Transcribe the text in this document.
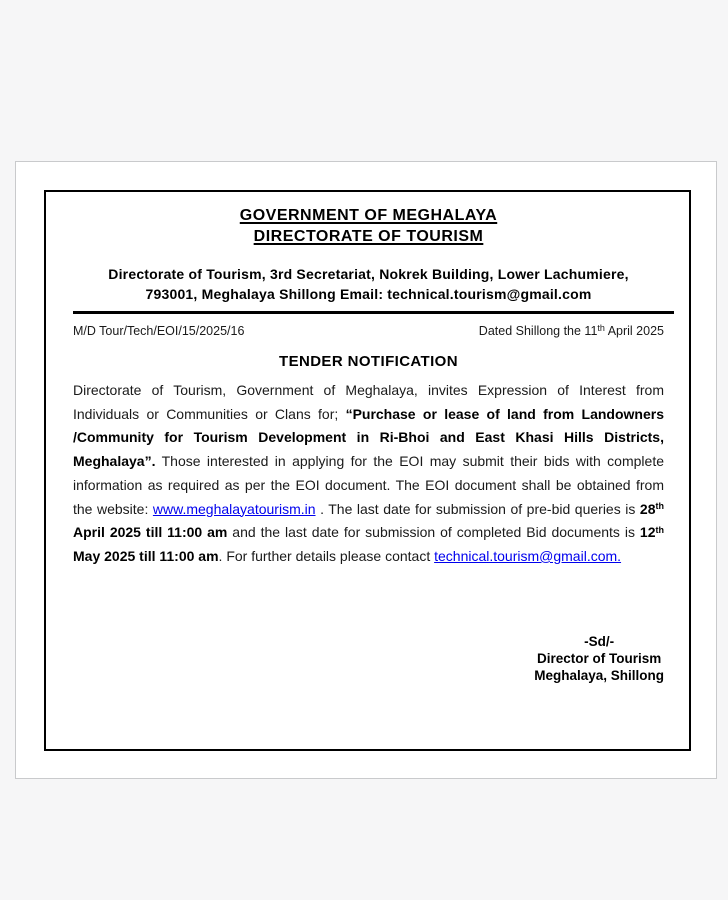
GOVERNMENT OF MEGHALAYA
DIRECTORATE OF TOURISM
Directorate of Tourism, 3rd Secretariat, Nokrek Building, Lower Lachumiere,
793001, Meghalaya Shillong Email: technical.tourism@gmail.com
M/D Tour/Tech/EOI/15/2025/16	Dated Shillong the 11th April 2025
TENDER NOTIFICATION

Directorate of Tourism, Government of Meghalaya, invites Expression of Interest from Individuals or Communities or Clans for; “Purchase or lease of land from Landowners /Community for Tourism Development in Ri-Bhoi and East Khasi Hills Districts, Meghalaya”. Those interested in applying for the EOI may submit their bids with complete information as required as per the EOI document. The EOI document shall be obtained from the website: www.meghalayatourism.in . The last date for submission of pre-bid queries is 28th April 2025 till 11:00 am and the last date for submission of completed Bid documents is 12th May 2025 till 11:00 am. For further details please contact technical.tourism@gmail.com.

-Sd/-
Director of Tourism
Meghalaya, Shillong
